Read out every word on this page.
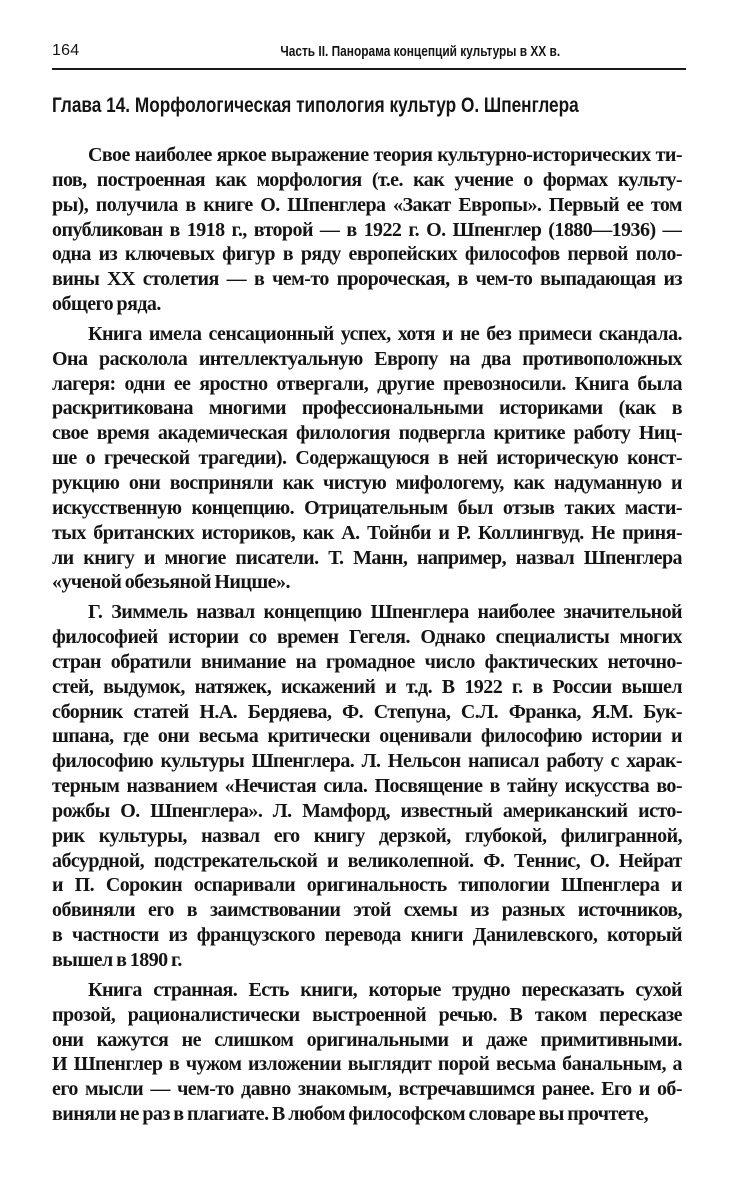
164	Часть II. Панорама концепций культуры в XX в.
Глава 14. Морфологическая типология культур О. Шпенглера
Свое наиболее яркое выражение теория культурно-исторических ти-
пов, построенная как морфология (т.е. как учение о формах культу-
ры), получила в книге О. Шпенглера «Закат Европы». Первый ее том
опубликован в 1918 г., второй — в 1922 г. О. Шпенглер (1880—1936) —
одна из ключевых фигур в ряду европейских философов первой поло-
вины XX столетия — в чем-то пророческая, в чем-то выпадающая из
общего ряда.
Книга имела сенсационный успех, хотя и не без примеси скандала.
Она расколола интеллектуальную Европу на два противоположных
лагеря: одни ее яростно отвергали, другие превозносили. Книга была
раскритикована многими профессиональными историками (как в
свое время академическая филология подвергла критике работу Ниц-
ше о греческой трагедии). Содержащуюся в ней историческую конст-
рукцию они восприняли как чистую мифологему, как надуманную и
искусственную концепцию. Отрицательным был отзыв таких масти-
тых британских историков, как А. Тойнби и Р. Коллингвуд. Не приня-
ли книгу и многие писатели. Т. Манн, например, назвал Шпенглера
«ученой обезьяной Ницше».
Г. Зиммель назвал концепцию Шпенглера наиболее значительной
философией истории со времен Гегеля. Однако специалисты многих
стран обратили внимание на громадное число фактических неточно-
стей, выдумок, натяжек, искажений и т.д. В 1922 г. в России вышел
сборник статей Н.А. Бердяева, Ф. Степуна, С.Л. Франка, Я.М. Бук-
шпана, где они весьма критически оценивали философию истории и
философию культуры Шпенглера. Л. Нельсон написал работу с харак-
терным названием «Нечистая сила. Посвящение в тайну искусства во-
рожбы О. Шпенглера». Л. Мамфорд, известный американский исто-
рик культуры, назвал его книгу дерзкой, глубокой, филигранной,
абсурдной, подстрекательской и великолепной. Ф. Теннис, О. Нейрат
и П. Сорокин оспаривали оригинальность типологии Шпенглера и
обвиняли его в заимствовании этой схемы из разных источников,
в частности из французского перевода книги Данилевского, который
вышел в 1890 г.
Книга странная. Есть книги, которые трудно пересказать сухой
прозой, рационалистически выстроенной речью. В таком пересказе
они кажутся не слишком оригинальными и даже примитивными.
И Шпенглер в чужом изложении выглядит порой весьма банальным, а
его мысли — чем-то давно знакомым, встречавшимся ранее. Его и об-
виняли не раз в плагиате. В любом философском словаре вы прочтете,
